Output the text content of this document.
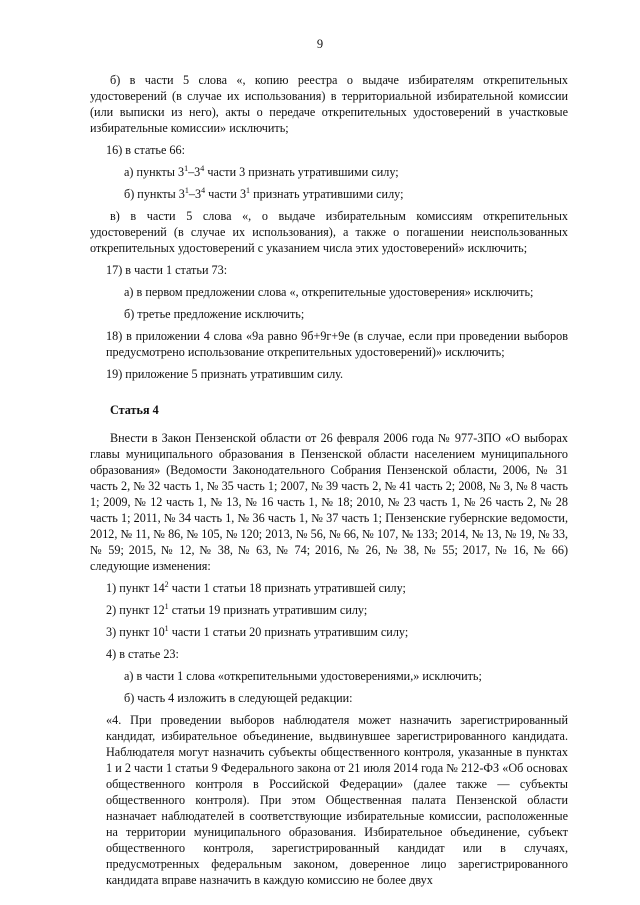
9

б) в части 5 слова «, копию реестра о выдаче избирателям открепительных удостоверений (в случае их использования) в территориальной избирательной комиссии (или выписки из него), акты о передаче открепительных удостоверений в участковые избирательные комиссии» исключить;

16) в статье 66:

а) пункты $3^1-3^4$ части 3 признать утратившими силу;

б) пункты $3^1-3^4$ части $3^1$ признать утратившими силу;

в) в части 5 слова «, о выдаче избирательным комиссиям открепительных удостоверений (в случае их использования), а также о погашении неиспользованных открепительных удостоверений с указанием числа этих удостоверений» исключить;

17) в части 1 статьи 73:

а) в первом предложении слова «, открепительные удостоверения» исключить;

б) третье предложение исключить;

18) в приложении 4 слова «9а равно 9б+9г+9е (в случае, если при проведении выборов предусмотрено использование открепительных удостоверений)» исключить;

19) приложение 5 признать утратившим силу.

Статья 4

Внести в Закон Пензенской области от 26 февраля 2006 года № 977-ЗПО «О выборах главы муниципального образования в Пензенской области населением муниципального образования» (Ведомости Законодательного Собрания Пензенской области, 2006, № 31 часть 2, № 32 часть 1, № 35 часть 1; 2007, № 39 часть 2, № 41 часть 2; 2008, № 3, № 8 часть 1; 2009, № 12 часть 1, № 13, № 16 часть 1, № 18; 2010, № 23 часть 1, № 26 часть 2, № 28 часть 1; 2011, № 34 часть 1, № 36 часть 1, № 37 часть 1; Пензенские губернские ведомости, 2012, № 11, № 86, № 105, № 120; 2013, № 56, № 66, № 107, № 133; 2014, № 13, № 19, № 33, № 59; 2015, № 12, № 38, № 63, № 74; 2016, № 26, № 38, № 55; 2017, № 16, № 66) следующие изменения:

1) пункт $14^2$ части 1 статьи 18 признать утратившей силу;

2) пункт $12^1$ статьи 19 признать утратившим силу;

3) пункт $10^1$ части 1 статьи 20 признать утратившим силу;

4) в статье 23:

а) в части 1 слова «открепительными удостоверениями,» исключить;

б) часть 4 изложить в следующей редакции:

«4. При проведении выборов наблюдателя может назначить зарегистрированный кандидат, избирательное объединение, выдвинувшее зарегистрированного кандидата. Наблюдателя могут назначить субъекты общественного контроля, указанные в пунктах 1 и 2 части 1 статьи 9 Федерального закона от 21 июля 2014 года № 212-ФЗ «Об основах общественного контроля в Российской Федерации» (далее также — субъекты общественного контроля). При этом Общественная палата Пензенской области назначает наблюдателей в соответствующие избирательные комиссии, расположенные на территории муниципального образования. Избирательное объединение, субъект общественного контроля, зарегистрированный кандидат или в случаях, предусмотренных федеральным законом, доверенное лицо зарегистрированного кандидата вправе назначить в каждую комиссию не более двух
